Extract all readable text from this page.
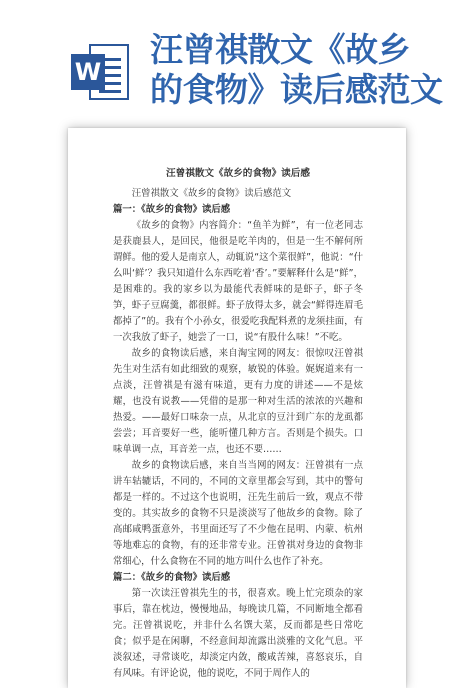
W
汪曾祺散文《故乡
的食物》读后感范文

汪曾祺散文《故乡的食物》读后感

汪曾祺散文《故乡的食物》读后感范文

篇一：《故乡的食物》读后感

《故乡的食物》内容简介：“鱼羊为鲜”，有一位老同志是获鹿县人，是回民，他很是吃羊肉的，但是一生不解何所谓鲜。他的爱人是南京人，动辄说“这个菜很鲜”，他说：“什么叫‘鲜’？我只知道什么东西吃着‘香’。”要解释什么是“鲜”，是困难的。我的家乡以为最能代表鲜味的是虾子，虾子冬笋，虾子豆腐羹，都很鲜。虾子放得太多，就会“鲜得连眉毛都掉了”的。我有个小孙女，很爱吃我配料煮的龙须挂面，有一次我放了虾子，她尝了一口，说“有股什么味！”不吃。

故乡的食物读后感，来自淘宝网的网友：很惊叹汪曾祺先生对生活有如此细致的观察，敏锐的体验。娓娓道来有一点淡，汪曾祺是有滋有味道，更有力度的讲述——不是炫耀，也没有说教——凭借的是那一种对生活的浓浓的兴趣和热爱。——最好口味杂一点，从北京的豆汁到广东的龙虱都尝尝；耳音要好一些，能听懂几种方言。否则是个损失。口味单调一点，耳音差一点，也还不要……

故乡的食物读后感，来自当当网的网友：汪曾祺有一点讲车轱辘话，不同的，不同的文章里都会写到，其中的警句都是一样的。不过这个也说明，汪先生前后一致，观点不带变的。其实故乡的食物不只是淡淡写了他故乡的食物。除了高邮咸鸭蛋意外，书里面还写了不少他在昆明、内蒙、杭州等地难忘的食物，有的还非常专业。汪曾祺对身边的食物非常细心，什么食物在不同的地方叫什么也作了补充。

篇二：《故乡的食物》读后感

第一次读汪曾祺先生的书，很喜欢。晚上忙完琐杂的家事后，靠在枕边，慢慢地品，每晚读几篇，不同断地全都看完。汪曾祺说吃，并非什么名馔大菜，反而都是些日常吃食；似乎是在闲聊，不经意间却流露出淡雅的文化气息。平淡叙述，寻常谈吃，却淡定内敛，酸咸苦辣，喜怒哀乐，自有风味。有评论说，他的说吃，不同于周作人的
